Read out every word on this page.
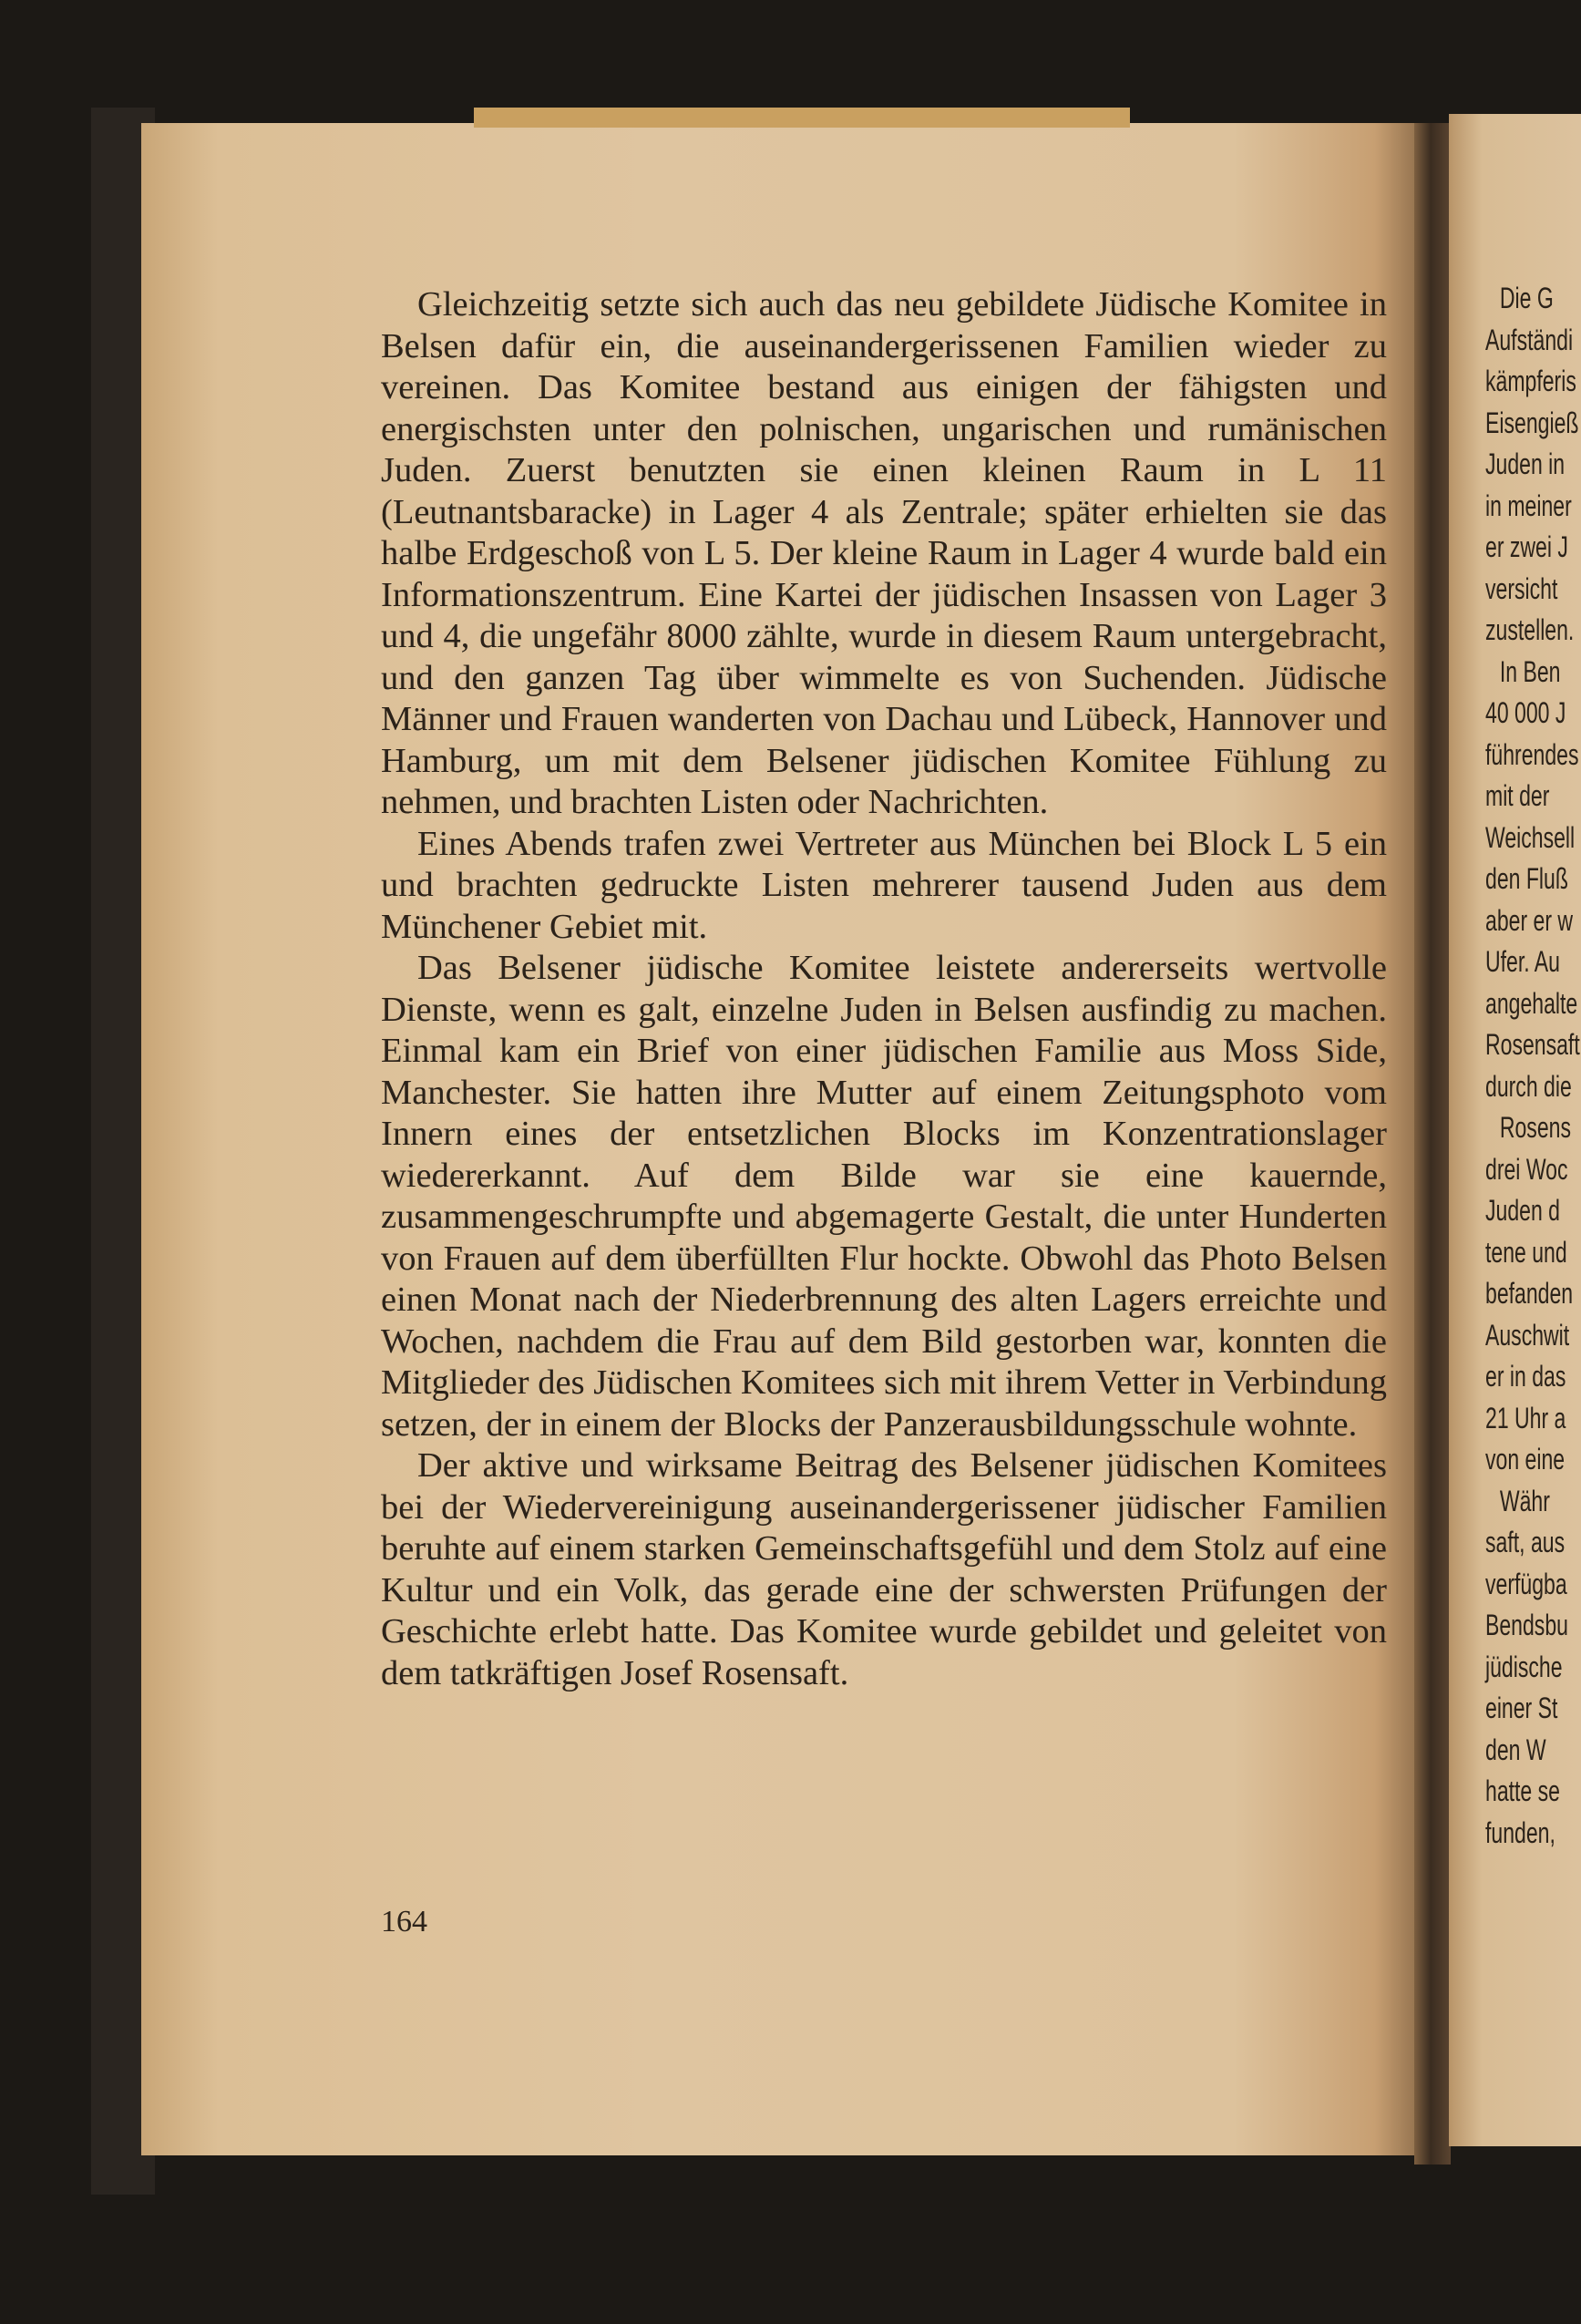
Gleichzeitig setzte sich auch das neu gebildete Jüdische Komitee in Belsen dafür ein, die auseinandergerissenen Familien wieder zu vereinen. Das Komitee bestand aus einigen der fähigsten und energischsten unter den polnischen, ungarischen und rumänischen Juden. Zuerst benutzten sie einen kleinen Raum in L 11 (Leutnantsbaracke) in Lager 4 als Zentrale; später erhielten sie das halbe Erdgeschoß von L 5. Der kleine Raum in Lager 4 wurde bald ein Informationszentrum. Eine Kartei der jüdischen Insassen von Lager 3 und 4, die ungefähr 8000 zählte, wurde in diesem Raum untergebracht, und den ganzen Tag über wimmelte es von Suchenden. Jüdische Männer und Frauen wanderten von Dachau und Lübeck, Hannover und Hamburg, um mit dem Belsener jüdischen Komitee Fühlung zu nehmen, und brachten Listen oder Nachrichten.

Eines Abends trafen zwei Vertreter aus München bei Block L 5 ein und brachten gedruckte Listen mehrerer tausend Juden aus dem Münchener Gebiet mit.

Das Belsener jüdische Komitee leistete andererseits wertvolle Dienste, wenn es galt, einzelne Juden in Belsen ausfindig zu machen. Einmal kam ein Brief von einer jüdischen Familie aus Moss Side, Manchester. Sie hatten ihre Mutter auf einem Zeitungsphoto vom Innern eines der entsetzlichen Blocks im Konzentrationslager wiedererkannt. Auf dem Bilde war sie eine kauernde, zusammengeschrumpfte und abgemagerte Gestalt, die unter Hunderten von Frauen auf dem überfüllten Flur hockte. Obwohl das Photo Belsen einen Monat nach der Niederbrennung des alten Lagers erreichte und Wochen, nachdem die Frau auf dem Bild gestorben war, konnten die Mitglieder des Jüdischen Komitees sich mit ihrem Vetter in Verbindung setzen, der in einem der Blocks der Panzerausbildungsschule wohnte.

Der aktive und wirksame Beitrag des Belsener jüdischen Komitees bei der Wiedervereinigung auseinandergerissener jüdischer Familien beruhte auf einem starken Gemeinschaftsgefühl und dem Stolz auf eine Kultur und ein Volk, das gerade eine der schwersten Prüfungen der Geschichte erlebt hatte. Das Komitee wurde gebildet und geleitet von dem tatkräftigen Josef Rosensaft.

164
Die G
Aufständi
kämpferis
Eisengieß
Juden in
in meiner
er zwei J
versicht
zustellen.
In Ben
40 000 J
führendes
mit der
Weichsell
den Fluß
aber er w
Ufer. Au
angehalte
Rosensaft
durch die
Rosens
drei Woc
Juden d
tene und
befanden
Auschwit
er in das
21 Uhr a
von eine
Währ
saft, aus
verfügba
Bendsbu
jüdische
einer St
den W
hatte se
funden,
